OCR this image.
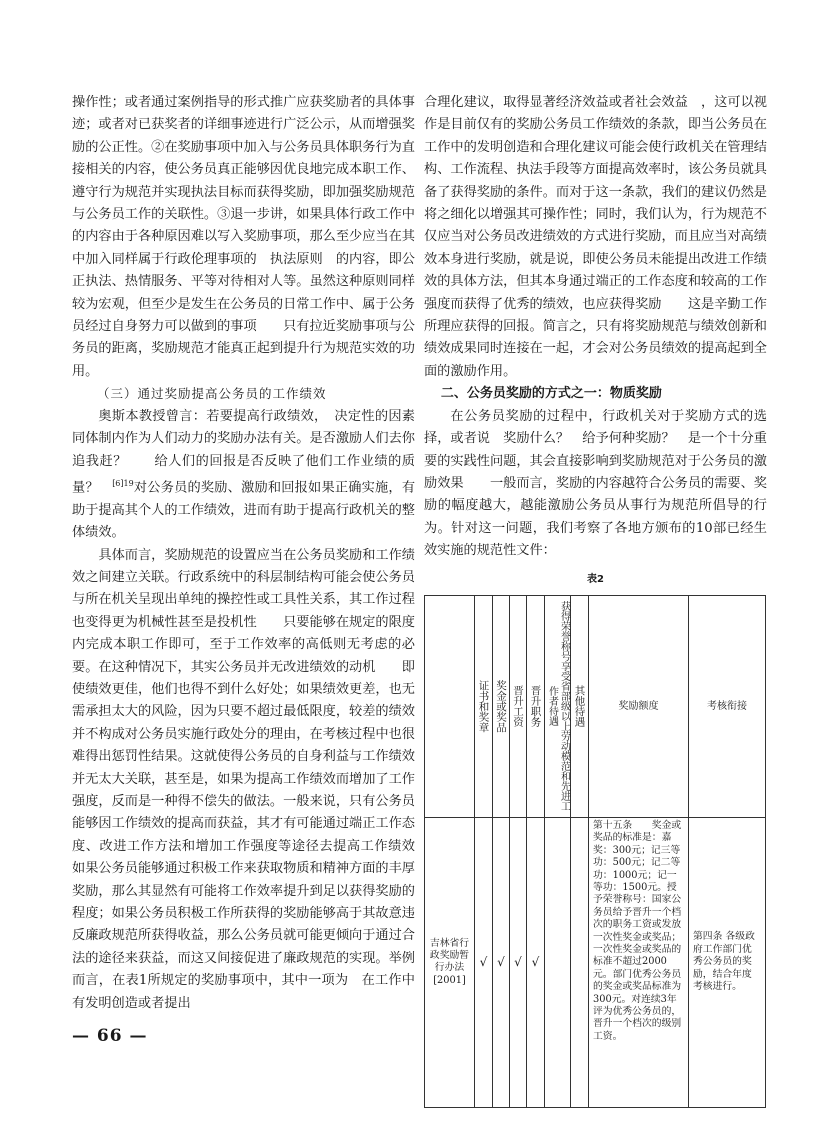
操作性；或者通过案例指导的形式推广应获奖励者的具体事迹；或者对已获奖者的详细事迹进行广泛公示，从而增强奖励的公正性。②在奖励事项中加入与公务员具体职务行为直接相关的内容，使公务员真正能够因优良地完成本职工作、遵守行为规范并实现执法目标而获得奖励，即加强奖励规范与公务员工作的关联性。③退一步讲，如果具体行政工作中的内容由于各种原因难以写入奖励事项，那么至少应当在其中加入同样属于行政伦理事项的　执法原则　的内容，即公正执法、热情服务、平等对待相对人等。虽然这种原则同样较为宏观，但至少是发生在公务员的日常工作中、属于公务员经过自身努力可以做到的事项　　只有拉近奖励事项与公务员的距离，奖励规范才能真正起到提升行为规范实效的功用。

（三）通过奖励提高公务员的工作绩效

奥斯本教授曾言：若要提高行政绩效，　决定性的因素同体制内作为人们动力的奖励办法有关。是否激励人们去你追我赶？　　给人们的回报是否反映了他们工作业绩的质量？　$^{[6]19}$对公务员的奖励、激励和回报如果正确实施，有助于提高其个人的工作绩效，进而有助于提高行政机关的整体绩效。

具体而言，奖励规范的设置应当在公务员奖励和工作绩效之间建立关联。行政系统中的科层制结构可能会使公务员与所在机关呈现出单纯的操控性或工具性关系，其工作过程也变得更为机械性甚至是投机性　　只要能够在规定的限度内完成本职工作即可，至于工作效率的高低则无考虑的必要。在这种情况下，其实公务员并无改进绩效的动机　　即使绩效更佳，他们也得不到什么好处；如果绩效更差，也无需承担太大的风险，因为只要不超过最低限度，较差的绩效并不构成对公务员实施行政处分的理由，在考核过程中也很难得出惩罚性结果。这就使得公务员的自身利益与工作绩效并无太大关联，甚至是，如果为提高工作绩效而增加了工作强度，反而是一种得不偿失的做法。一般来说，只有公务员能够因工作绩效的提高而获益，其才有可能通过端正工作态度、改进工作方法和增加工作强度等途径去提高工作绩效　　如果公务员能够通过积极工作来获取物质和精神方面的丰厚奖励，那么其显然有可能将工作效率提升到足以获得奖励的程度；如果公务员积极工作所获得的奖励能够高于其故意违反廉政规范所获得收益，那么公务员就可能更倾向于通过合法的途径来获益，而这又间接促进了廉政规范的实现。举例而言，在表1所规定的奖励事项中，其中一项为　在工作中有发明创造或者提出

合理化建议，取得显著经济效益或者社会效益　，这可以视作是目前仅有的奖励公务员工作绩效的条款，即当公务员在工作中的发明创造和合理化建议可能会使行政机关在管理结构、工作流程、执法手段等方面提高效率时，该公务员就具备了获得奖励的条件。而对于这一条款，我们的建议仍然是将之细化以增强其可操作性；同时，我们认为，行为规范不仅应当对公务员改进绩效的方式进行奖励，而且应当对高绩效本身进行奖励，就是说，即使公务员未能提出改进工作绩效的具体方法，但其本身通过端正的工作态度和较高的工作强度而获得了优秀的绩效，也应获得奖励　　这是辛勤工作所理应获得的回报。简言之，只有将奖励规范与绩效创新和绩效成果同时连接在一起，才会对公务员绩效的提高起到全面的激励作用。

二、公务员奖励的方式之一：物质奖励

在公务员奖励的过程中，行政机关对于奖励方式的选择，或者说　奖励什么？　给予何种奖励？　是一个十分重要的实践性问题，其会直接影响到奖励规范对于公务员的激励效果　　一般而言，奖励的内容越符合公务员的需要、奖励的幅度越大，越能激励公务员从事行为规范所倡导的行为。针对这一问题，我们考察了各地方颁布的10部已经生效实施的规范性文件：

表2

	证书和奖章	奖金或奖品	晋升工资	晋升职务	获得荣誉称号享受省部级以上劳动模范和先进工作者待遇	其他待遇	奖励额度	考核衔接
吉林省行政奖励暂行办法[2001]	√	√	√	√			第十五条　　奖金或奖品的标准是：嘉奖：300元；记三等功：500元；记二等功：1000元；记一等功：1500元。授予荣誉称号：国家公务员给予晋升一个档次的职务工资或发放一次性奖金或奖品；一次性奖金或奖品的标准不超过2000元。部门优秀公务员的奖金或奖品标准为300元。对连续3年评为优秀公务员的，晋升一个档次的级别工资。	第四条 各级政府工作部门优秀公务员的奖励，结合年度考核进行。
— 66 —
